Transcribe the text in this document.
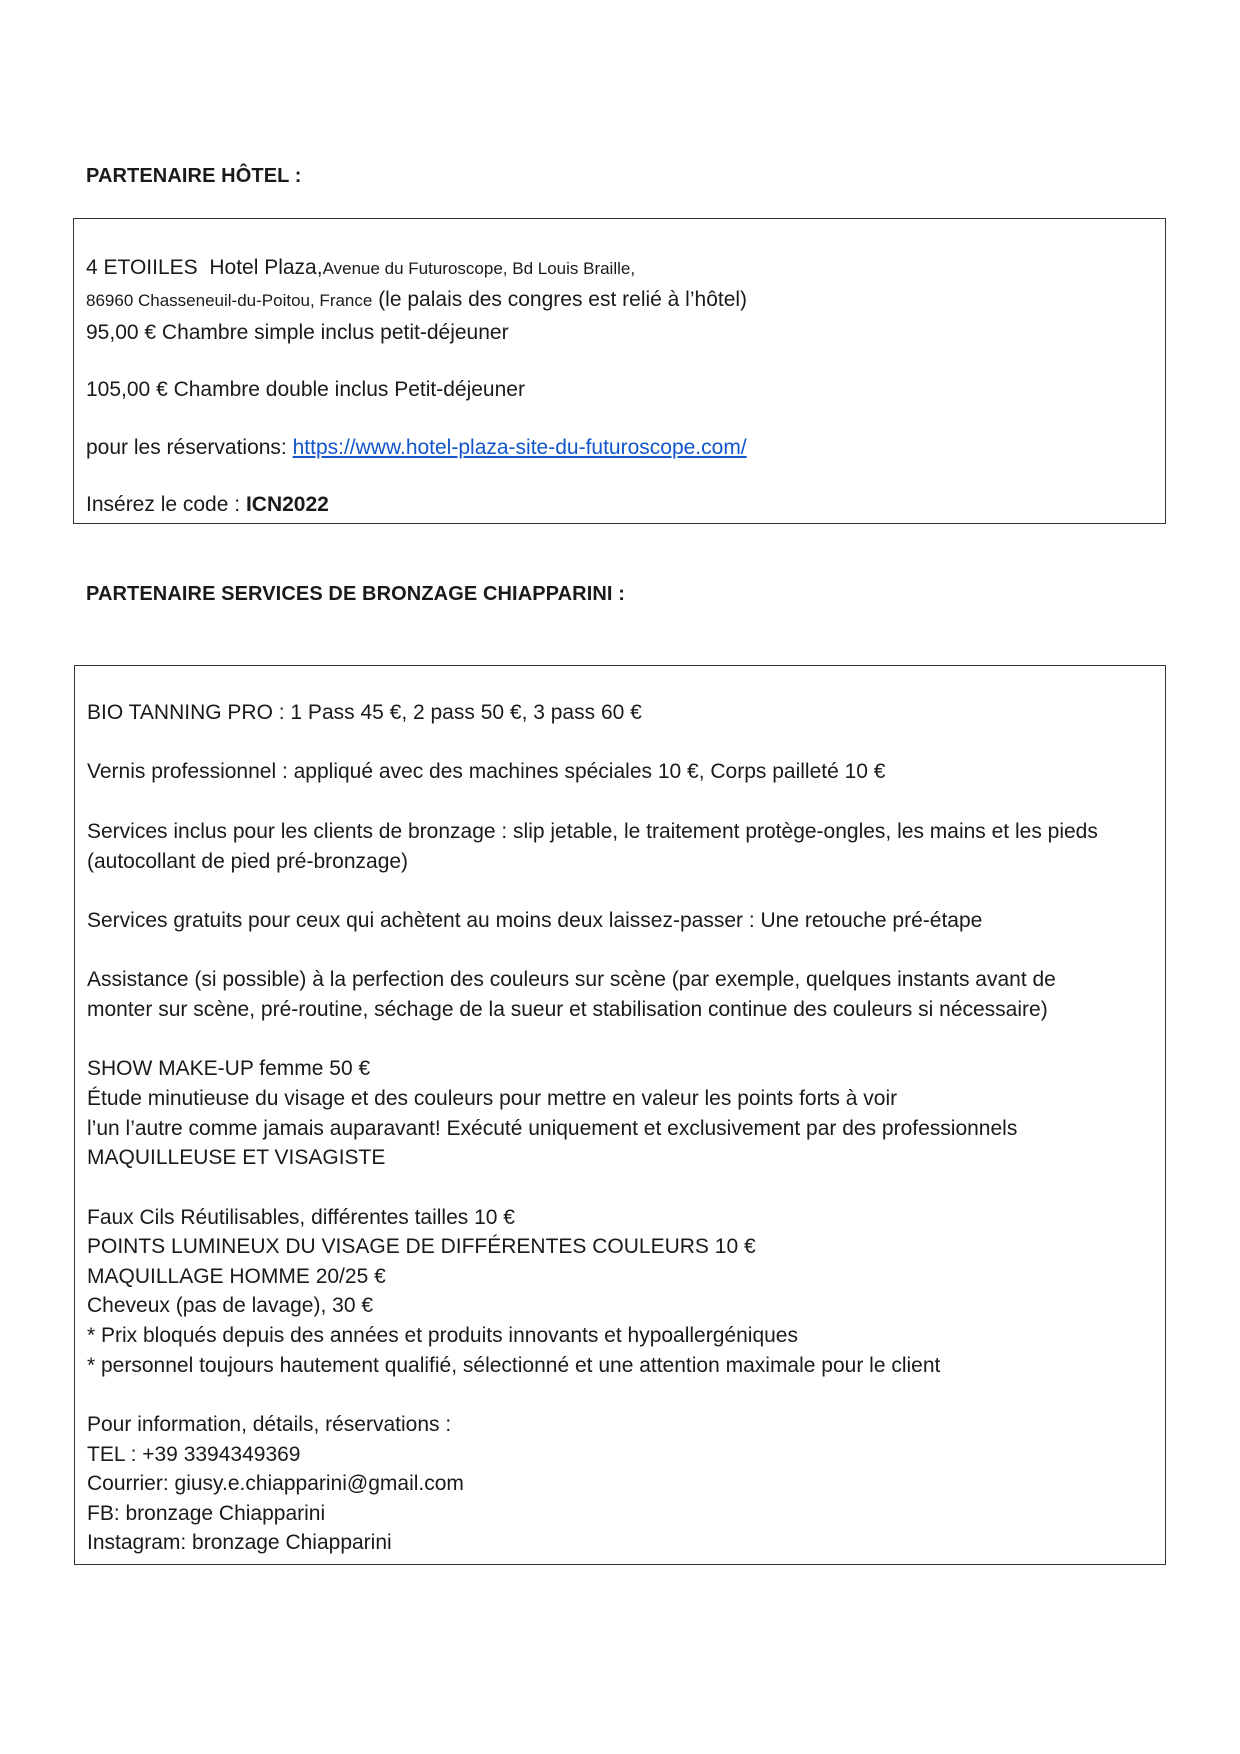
PARTENAIRE HÔTEL :
4 ETOIILES Hotel Plaza,Avenue du Futuroscope, Bd Louis Braille,
86960 Chasseneuil-du-Poitou, France (le palais des congres est relié à l’hôtel)
95,00 € Chambre simple inclus petit-déjeuner
105,00 € Chambre double inclus Petit-déjeuner
pour les réservations: https://www.hotel-plaza-site-du-futuroscope.com/
Insérez le code : ICN2022
PARTENAIRE SERVICES DE BRONZAGE CHIAPPARINI :
BIO TANNING PRO : 1 Pass 45 €, 2 pass 50 €, 3 pass 60 €
Vernis professionnel : appliqué avec des machines spéciales 10 €, Corps pailleté 10 €
Services inclus pour les clients de bronzage : slip jetable, le traitement protège-ongles, les mains et les pieds
(autocollant de pied pré-bronzage)
Services gratuits pour ceux qui achètent au moins deux laissez-passer : Une retouche pré-étape
Assistance (si possible) à la perfection des couleurs sur scène (par exemple, quelques instants avant de
monter sur scène, pré-routine, séchage de la sueur et stabilisation continue des couleurs si nécessaire)
SHOW MAKE-UP femme 50 €
Étude minutieuse du visage et des couleurs pour mettre en valeur les points forts à voir
l’un l’autre comme jamais auparavant! Exécuté uniquement et exclusivement par des professionnels
MAQUILLEUSE ET VISAGISTE
Faux Cils Réutilisables, différentes tailles 10 €
POINTS LUMINEUX DU VISAGE DE DIFFÉRENTES COULEURS 10 €
MAQUILLAGE HOMME 20/25 €
Cheveux (pas de lavage), 30 €
* Prix bloqués depuis des années et produits innovants et hypoallergéniques
* personnel toujours hautement qualifié, sélectionné et une attention maximale pour le client
Pour information, détails, réservations :
TEL : +39 3394349369
Courrier: giusy.e.chiapparini@gmail.com
FB: bronzage Chiapparini
Instagram: bronzage Chiapparini
